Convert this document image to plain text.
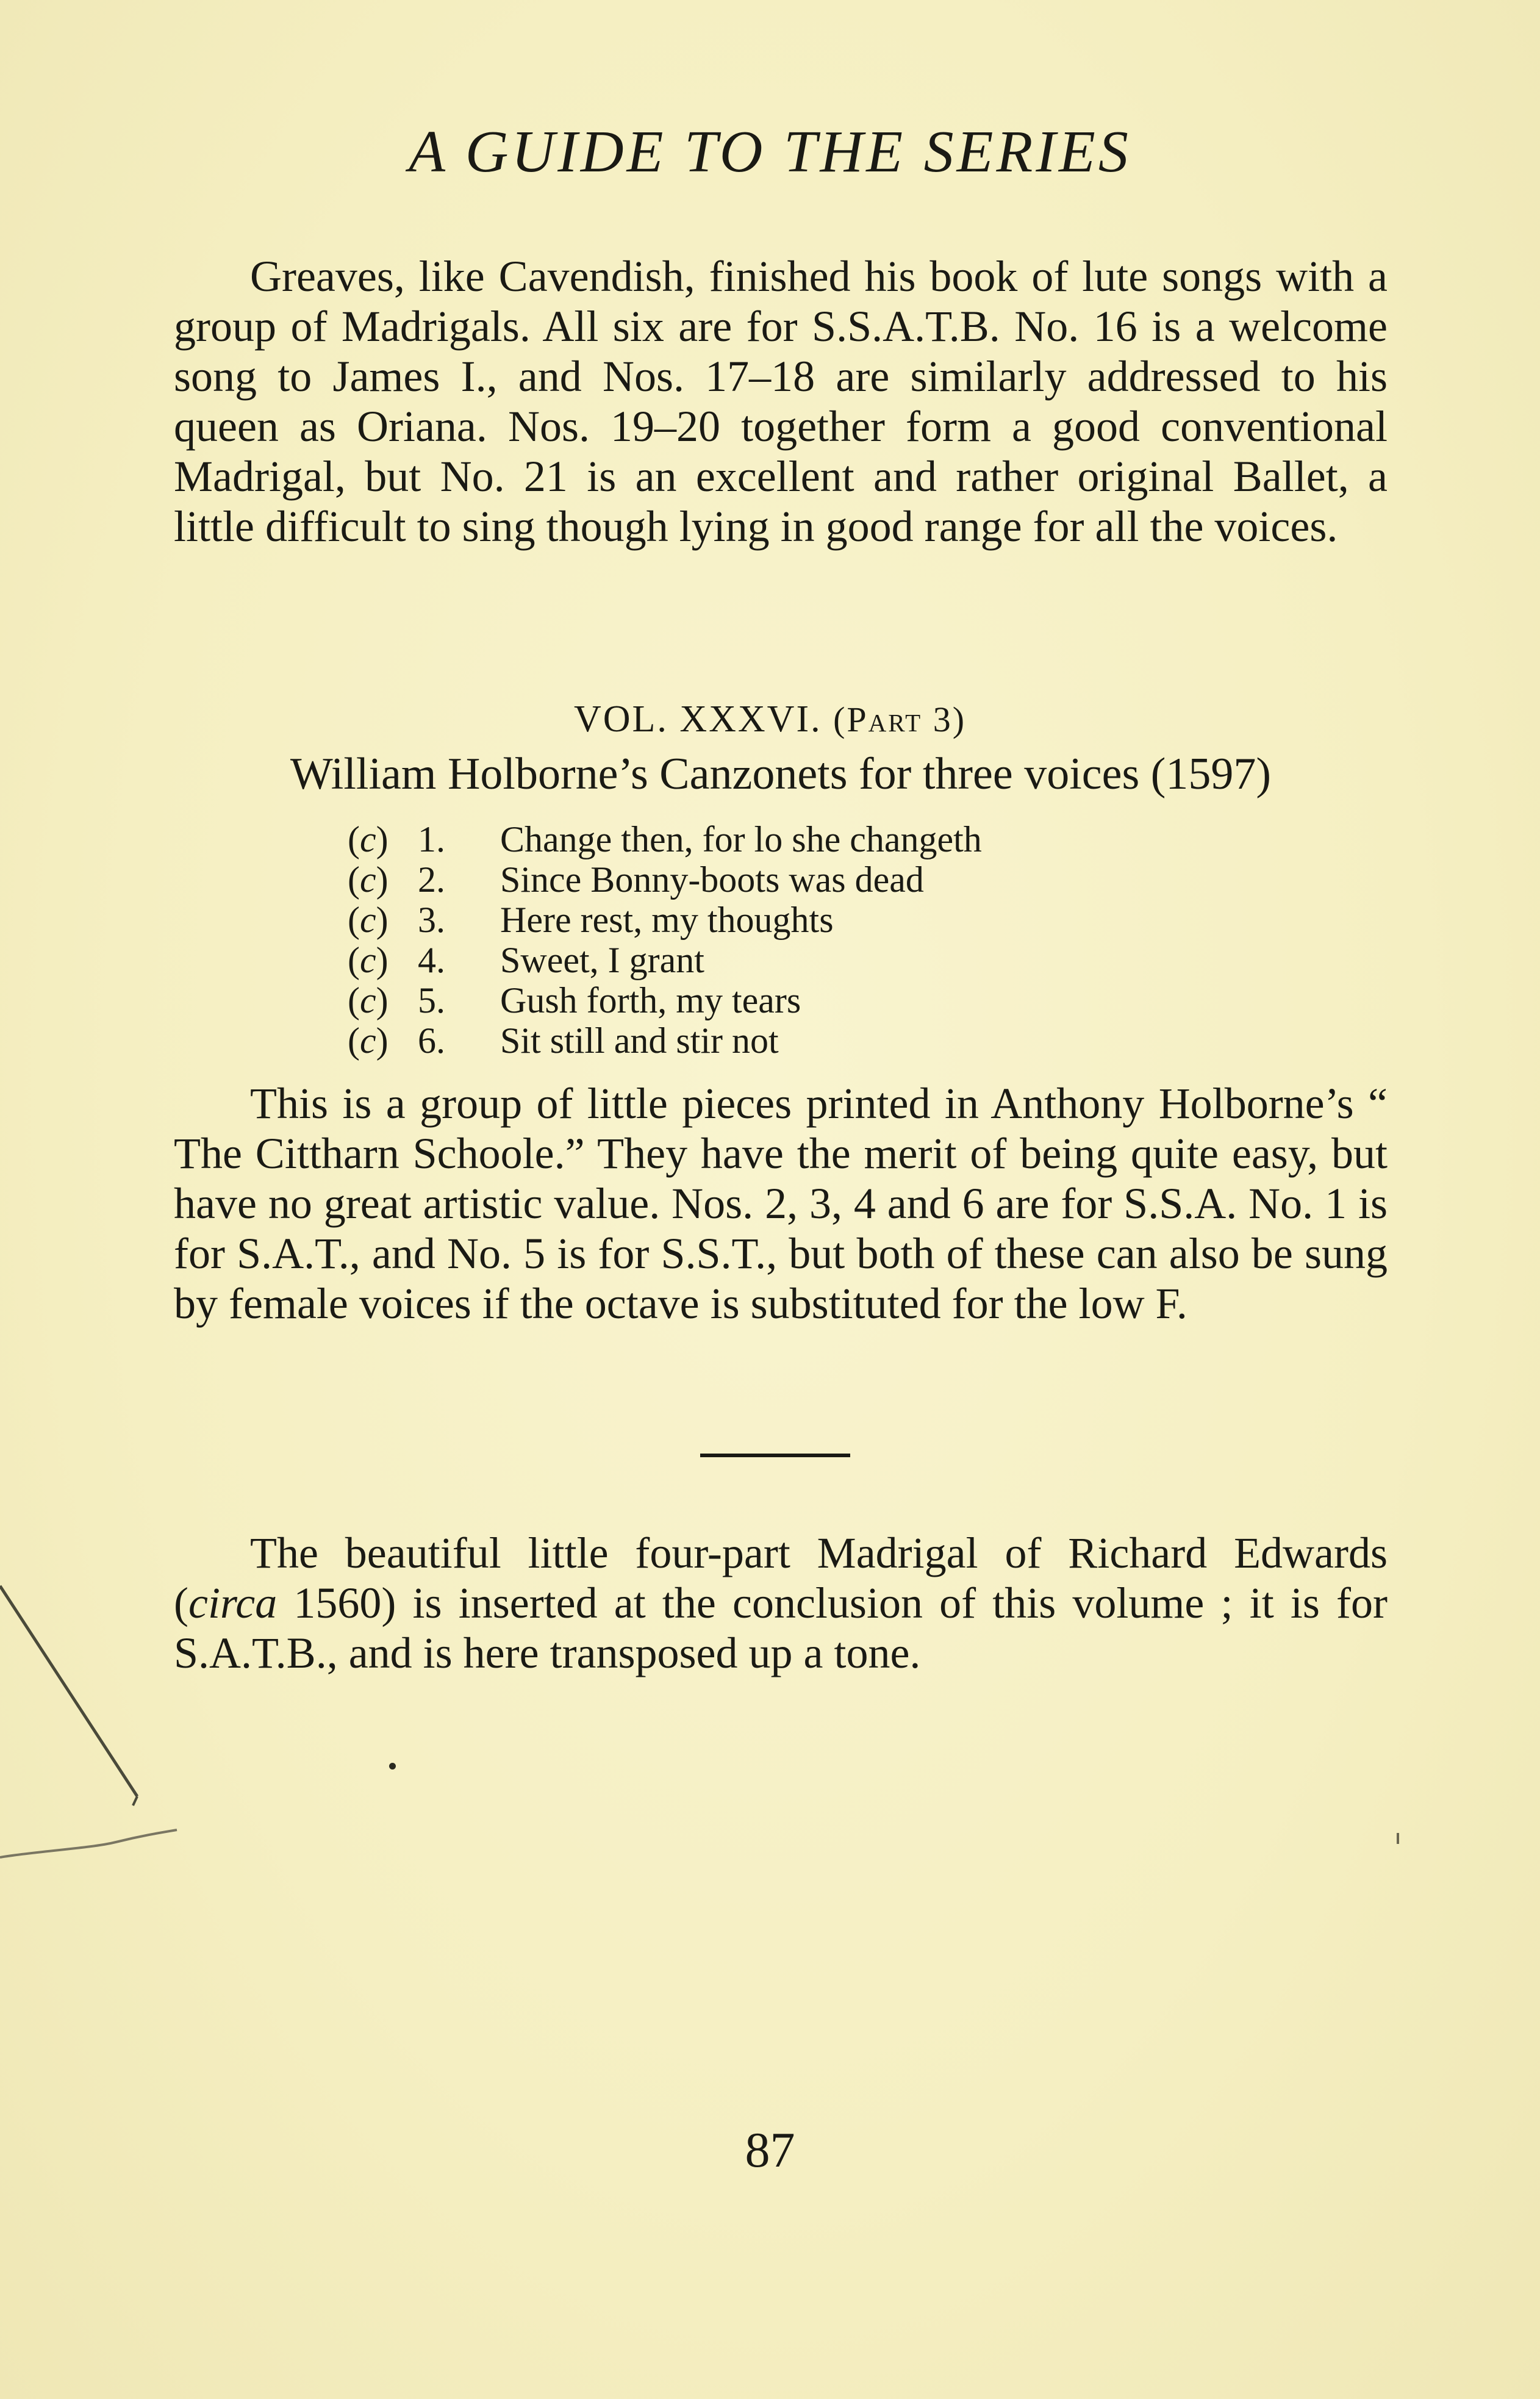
A GUIDE TO THE SERIES

Greaves, like Cavendish, finished his book of lute songs with a group of Madrigals. All six are for S.S.A.T.B. No. 16 is a welcome song to James I., and Nos. 17–18 are similarly addressed to his queen as Oriana. Nos. 19–20 together form a good conventional Madrigal, but No. 21 is an excellent and rather original Ballet, a little difficult to sing though lying in good range for all the voices.

VOL. XXXVI. (Part 3)
William Holborne’s Canzonets for three voices (1597)
(c) 1.	Change then, for lo she changeth
(c) 2.	Since Bonny-boots was dead
(c) 3.	Here rest, my thoughts
(c) 4.	Sweet, I grant
(c) 5.	Gush forth, my tears
(c) 6.	Sit still and stir not

This is a group of little pieces printed in Anthony Holborne’s “ The Cittharn Schoole.” They have the merit of being quite easy, but have no great artistic value. Nos. 2, 3, 4 and 6 are for S.S.A. No. 1 is for S.A.T., and No. 5 is for S.S.T., but both of these can also be sung by female voices if the octave is substituted for the low F.

The beautiful little four-part Madrigal of Richard Edwards (circa 1560) is inserted at the conclusion of this volume ; it is for S.A.T.B., and is here transposed up a tone.

87
